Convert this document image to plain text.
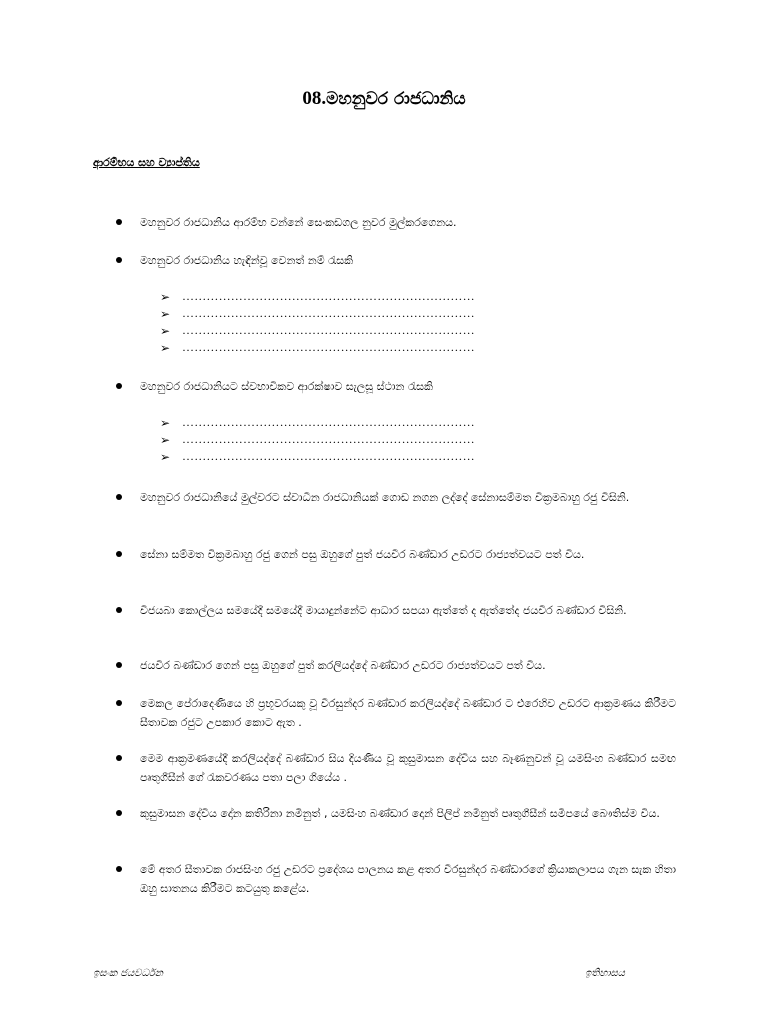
08.මහනුවර රාජධානිය
ආරම්භය සහ ව්‍යාප්තිය
මහනුවර රාජධානිය ආරම්භ වන්නේ සෙංකඩගල නුවර මුල්කරගෙනය.
මහනුවර රාජධානිය හැඳින්වූ වෙනත් නම් රැසකි
➢ ………………………………………………………………
➢ ………………………………………………………………
➢ ………………………………………………………………
➢ ………………………………………………………………
මහනුවර රාජධානියට ස්වභාවිකව ආරක්ෂාව සැලසූ ස්ථාන රැසකි
➢ ………………………………………………………………
➢ ………………………………………………………………
➢ ………………………………………………………………
මහනුවර රාජධානියේ මුල්වරට ස්වාධීන රාජධානියක් ගොඩ නගන ලද්දේ සේනාසම්මත වික්‍රමබාහු රජු විසිනි.
සේනා සම්මත වික්‍රමබාහු රජු ගෙන් පසු ඔහුගේ පුත් ජයවීර බණ්ඩාර උඩරට රාජ්‍යත්වයට පත් විය.
විජයබා කොල්ලය සමයේදී සමයේදී මායාදුන්නේට ආධාර සපයා ඇත්තේ ද ඇත්තේද ජයවීර බණ්ඩාර විසිනි.
ජයවීර බණ්ඩාර ගෙන් පසු ඔහුගේ පුත් කරලියද්දේ බණ්ඩාර උඩරට රාජ්‍යත්වයට පත් විය.
මෙකල පේරාදෙණියෙ හි ප්‍රභූවරයකු වූ වීරසුන්දර බණ්ඩාර කරලියද්දේ බණ්ඩාර ට එරෙහිව උඩරට ආක්‍රමණය කිරීමට සීතාවක රජුට උපකාර කොට ඇත .
මෙම ආක්‍රමණයේදී කරලියද්දේ බණ්ඩාර සිය දියණිය වූ කුසුමාසන දේවිය සහ බෑණනුවන් වූ යමසිංහ බණ්ඩාර සමඟ පෘතුගීසීන් ගේ රැකවරණය පතා පලා ගියේය .
කුසුමාසන දේවිය දෝන කතිරිනා නමිනුත් , යමසිංහ බණ්ඩාර දොන් පිලිප් නමිනුත් පෘතුගීසීන් සමීපයේ බෞතිස්ම විය.
මේ අතර සීතාවක රාජසිංහ රජු උඩරට ප්‍රදේශය පාලනය කළ අතර වීරසුන්දර බණ්ඩාරගේ ක්‍රියාකලාපය ගැන සැක හිතා ඔහු ඝාතනය කිරීමට කටයුතු කළේය.
ඉසංක ජයවර්ධන	ඉතිහාසය
